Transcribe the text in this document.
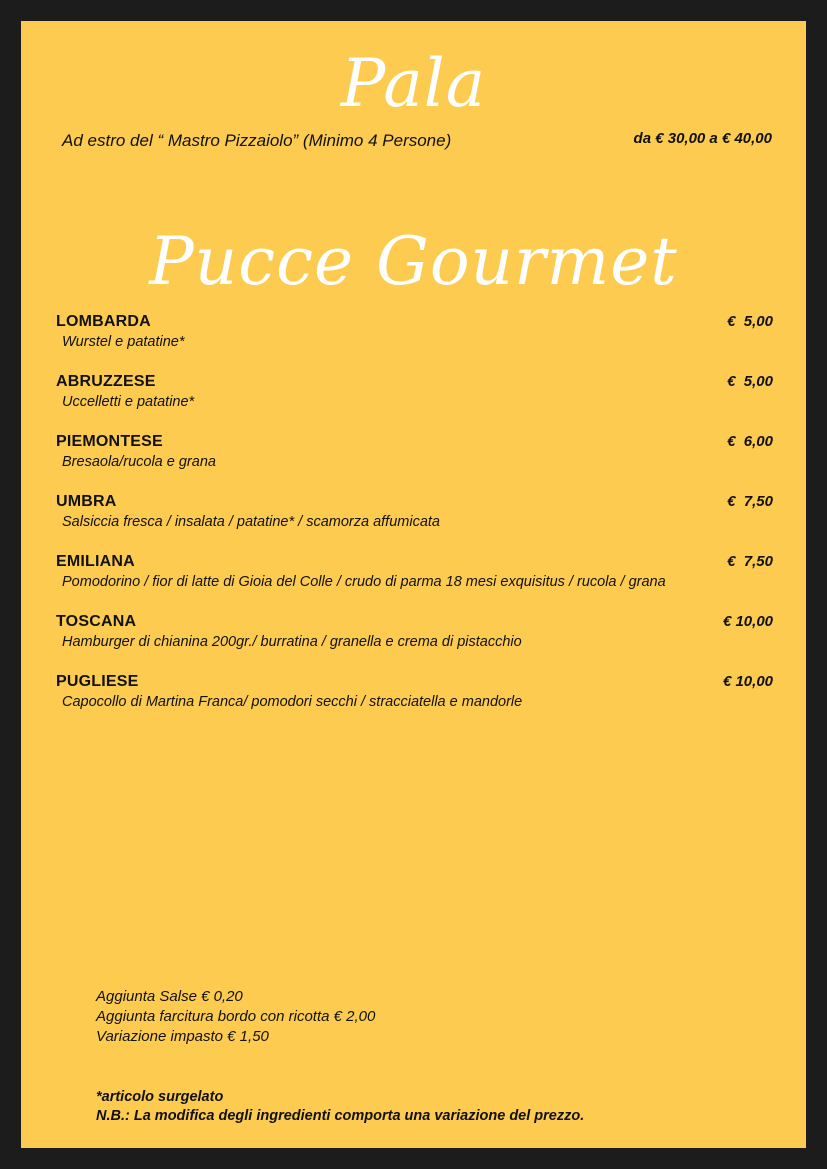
Pala
Ad estro del “ Mastro Pizzaiolo” (Minimo 4 Persone)	da € 30,00 a € 40,00
Pucce Gourmet
LOMBARDA	€  5,00
Wurstel e patatine*
ABRUZZESE	€  5,00
Uccelletti e patatine*
PIEMONTESE	€  6,00
Bresaola/rucola e grana
UMBRA	€  7,50
Salsiccia fresca / insalata / patatine* / scamorza affumicata
EMILIANA	€  7,50
Pomodorino / fior di latte di Gioia del Colle / crudo di parma 18 mesi exquisitus / rucola / grana
TOSCANA	€ 10,00
Hamburger di chianina 200gr./ burratina / granella e crema di pistacchio
PUGLIESE	€ 10,00
Capocollo di Martina Franca/ pomodori secchi / stracciatella e mandorle
Aggiunta Salse € 0,20
Aggiunta farcitura bordo con ricotta € 2,00
Variazione impasto € 1,50
*articolo surgelato
N.B.: La modifica degli ingredienti comporta una variazione del prezzo.
